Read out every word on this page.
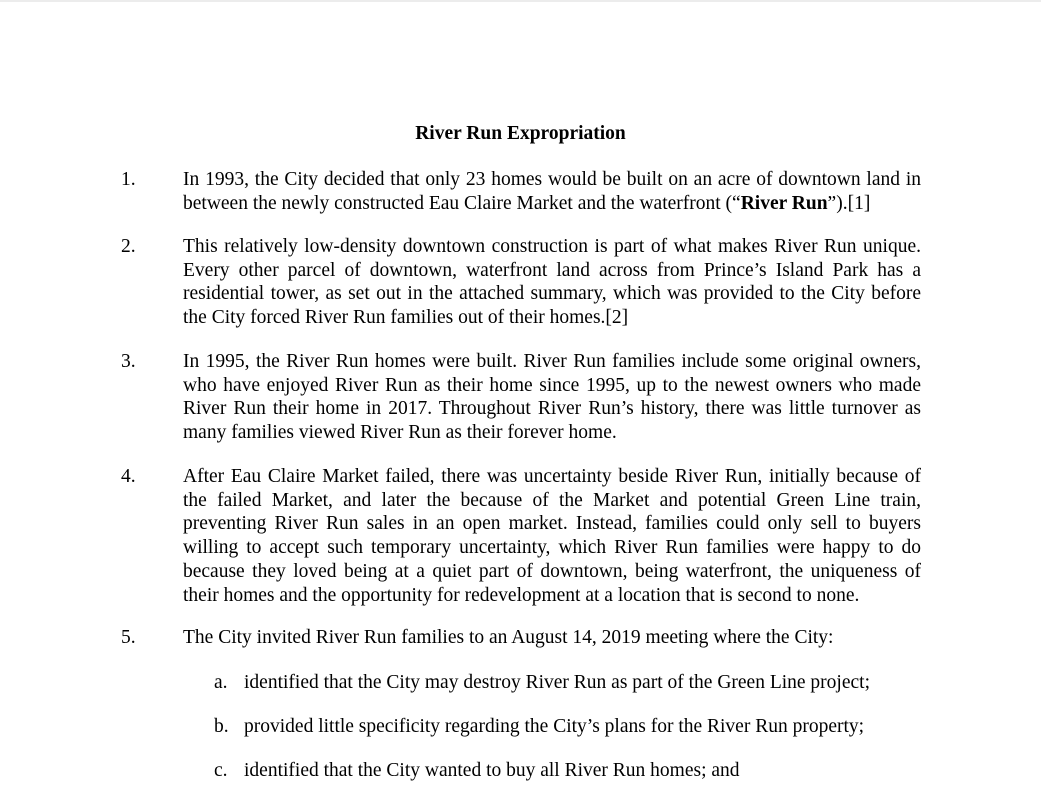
River Run Expropriation
1. In 1993, the City decided that only 23 homes would be built on an acre of downtown land in between the newly constructed Eau Claire Market and the waterfront (“River Run”).[1]
2. This relatively low-density downtown construction is part of what makes River Run unique. Every other parcel of downtown, waterfront land across from Prince’s Island Park has a residential tower, as set out in the attached summary, which was provided to the City before the City forced River Run families out of their homes.[2]
3. In 1995, the River Run homes were built. River Run families include some original owners, who have enjoyed River Run as their home since 1995, up to the newest owners who made River Run their home in 2017. Throughout River Run’s history, there was little turnover as many families viewed River Run as their forever home.
4. After Eau Claire Market failed, there was uncertainty beside River Run, initially because of the failed Market, and later the because of the Market and potential Green Line train, preventing River Run sales in an open market. Instead, families could only sell to buyers willing to accept such temporary uncertainty, which River Run families were happy to do because they loved being at a quiet part of downtown, being waterfront, the uniqueness of their homes and the opportunity for redevelopment at a location that is second to none.
5. The City invited River Run families to an August 14, 2019 meeting where the City:
a. identified that the City may destroy River Run as part of the Green Line project;
b. provided little specificity regarding the City’s plans for the River Run property;
c. identified that the City wanted to buy all River Run homes; and
